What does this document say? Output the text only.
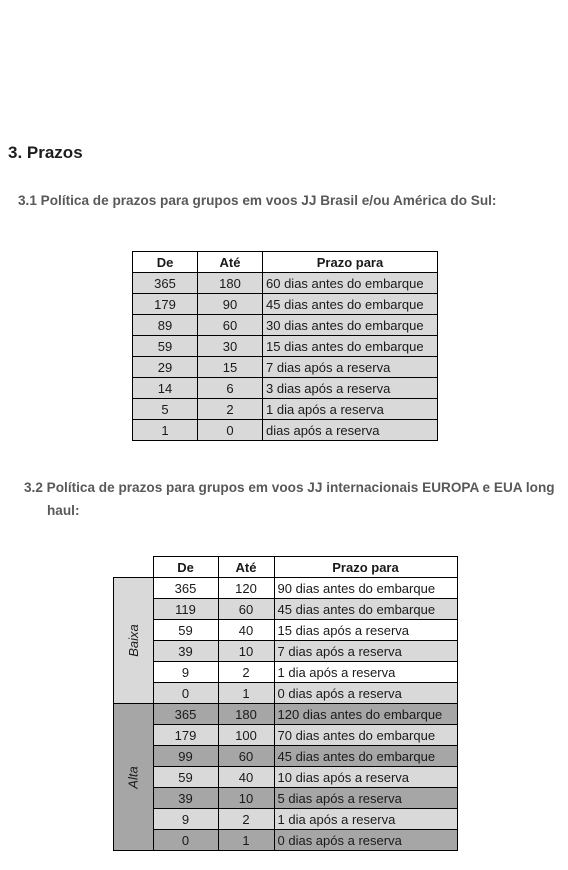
3. Prazos
3.1 Política de prazos para grupos em voos JJ Brasil e/ou América do Sul:
3.2 Política de prazos para grupos em voos JJ internacionais EUROPA e EUA long
haul:
De	Até	Prazo para
365	180	60 dias antes do embarque
179	90	45 dias antes do embarque
89	60	30 dias antes do embarque
59	30	15 dias antes do embarque
29	15	7 dias após a reserva
14	6	3 dias após a reserva
5	2	1 dia após a reserva
1	0	dias após a reserva
	De	Até	Prazo para
Baixa	365	120	90 dias antes do embarque
	119	60	45 dias antes do embarque
	59	40	15 dias após a reserva
	39	10	7 dias após a reserva
	9	2	1 dia após a reserva
	0	1	0 dias após a reserva
Alta	365	180	120 dias antes do embarque
	179	100	70 dias antes do embarque
	99	60	45 dias antes do embarque
	59	40	10 dias após a reserva
	39	10	5 dias após a reserva
	9	2	1 dia após a reserva
	0	1	0 dias após a reserva
